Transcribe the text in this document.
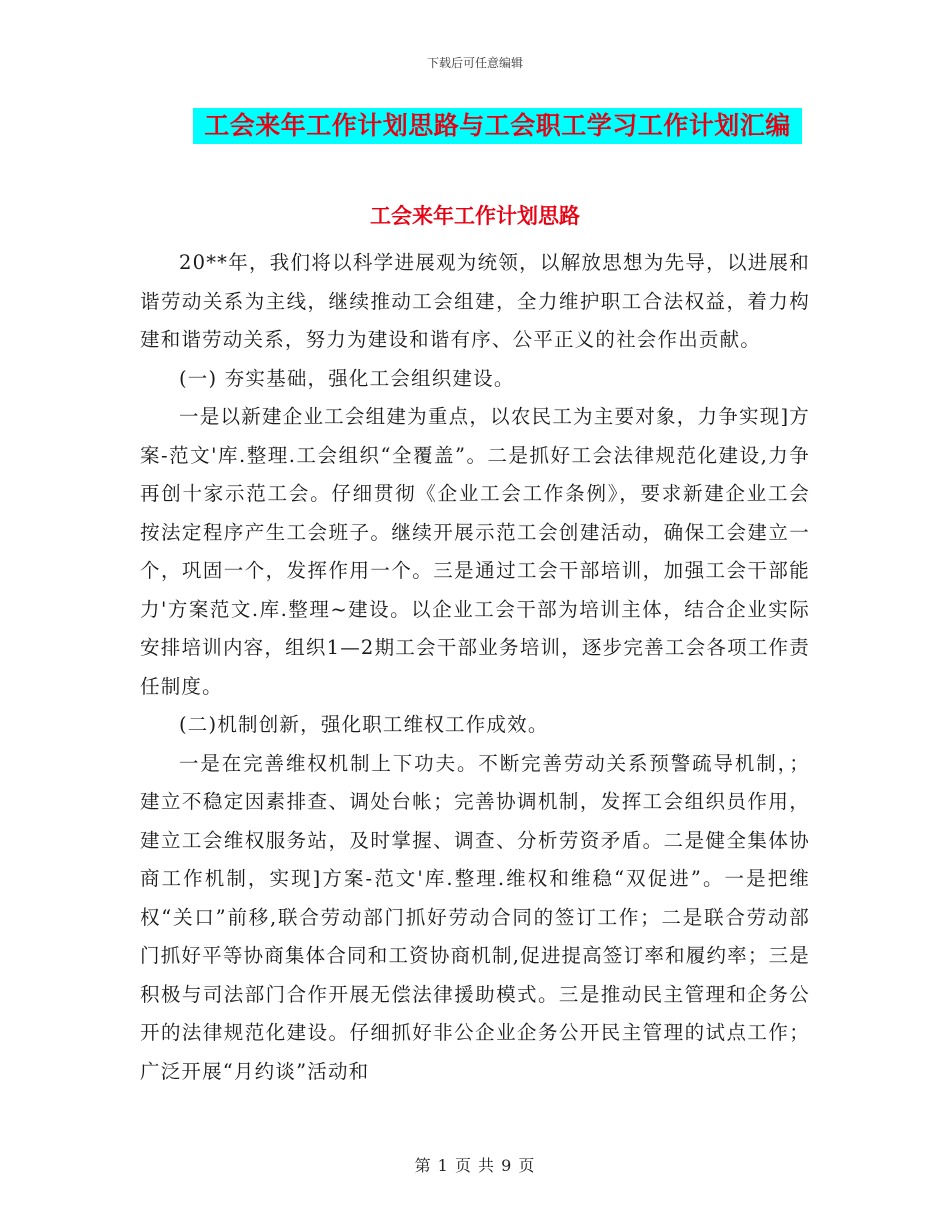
下载后可任意编辑
工会来年工作计划思路与工会职工学习工作计划汇编
工会来年工作计划思路

20**年，我们将以科学进展观为统领，以解放思想为先导，以进展和谐劳动关系为主线，继续推动工会组建，全力维护职工合法权益，着力构建和谐劳动关系，努力为建设和谐有序、公平正义的社会作出贡献。

(一) 夯实基础，强化工会组织建设。

一是以新建企业工会组建为重点，以农民工为主要对象，力争实现]方案-范文'库.整理.工会组织“全覆盖”。二是抓好工会法律规范化建设,力争再创十家示范工会。仔细贯彻《企业工会工作条例》，要求新建企业工会按法定程序产生工会班子。继续开展示范工会创建活动，确保工会建立一个，巩固一个，发挥作用一个。三是通过工会干部培训，加强工会干部能力'方案范文.库.整理~建设。以企业工会干部为培训主体，结合企业实际安排培训内容，组织1—2期工会干部业务培训，逐步完善工会各项工作责任制度。

(二)机制创新，强化职工维权工作成效。

一是在完善维权机制上下功夫。不断完善劳动关系预警疏导机制，；建立不稳定因素排查、调处台帐；完善协调机制，发挥工会组织员作用，建立工会维权服务站，及时掌握、调查、分析劳资矛盾。二是健全集体协商工作机制，实现]方案-范文'库.整理.维权和维稳“双促进”。一是把维权“关口”前移,联合劳动部门抓好劳动合同的签订工作；二是联合劳动部门抓好平等协商集体合同和工资协商机制,促进提高签订率和履约率；三是积极与司法部门合作开展无偿法律援助模式。三是推动民主管理和企务公开的法律规范化建设。仔细抓好非公企业企务公开民主管理的试点工作；广泛开展“月约谈”活动和

第 1 页 共 9 页
